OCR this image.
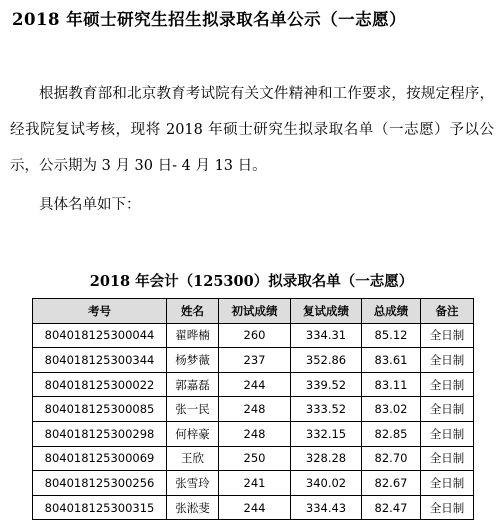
2018 年硕士研究生招生拟录取名单公示（一志愿）
根据教育部和北京教育考试院有关文件精神和工作要求，按规定程序，经我院复试考核，现将 2018 年硕士研究生拟录取名单（一志愿）予以公示，公示期为 3 月 30 日- 4 月 13 日。
具体名单如下：
2018 年会计（125300）拟录取名单（一志愿）
考号	姓名	初试成绩	复试成绩	总成绩	备注
804018125300044	翟晔楠	260	334.31	85.12	全日制
804018125300344	杨梦薇	237	352.86	83.61	全日制
804018125300022	郭嘉磊	244	339.52	83.11	全日制
804018125300085	张一民	248	333.52	83.02	全日制
804018125300298	何梓豪	248	332.15	82.85	全日制
804018125300069	王欣	250	328.28	82.70	全日制
804018125300256	张雪玲	241	340.02	82.67	全日制
804018125300315	张淞斐	244	334.43	82.47	全日制
